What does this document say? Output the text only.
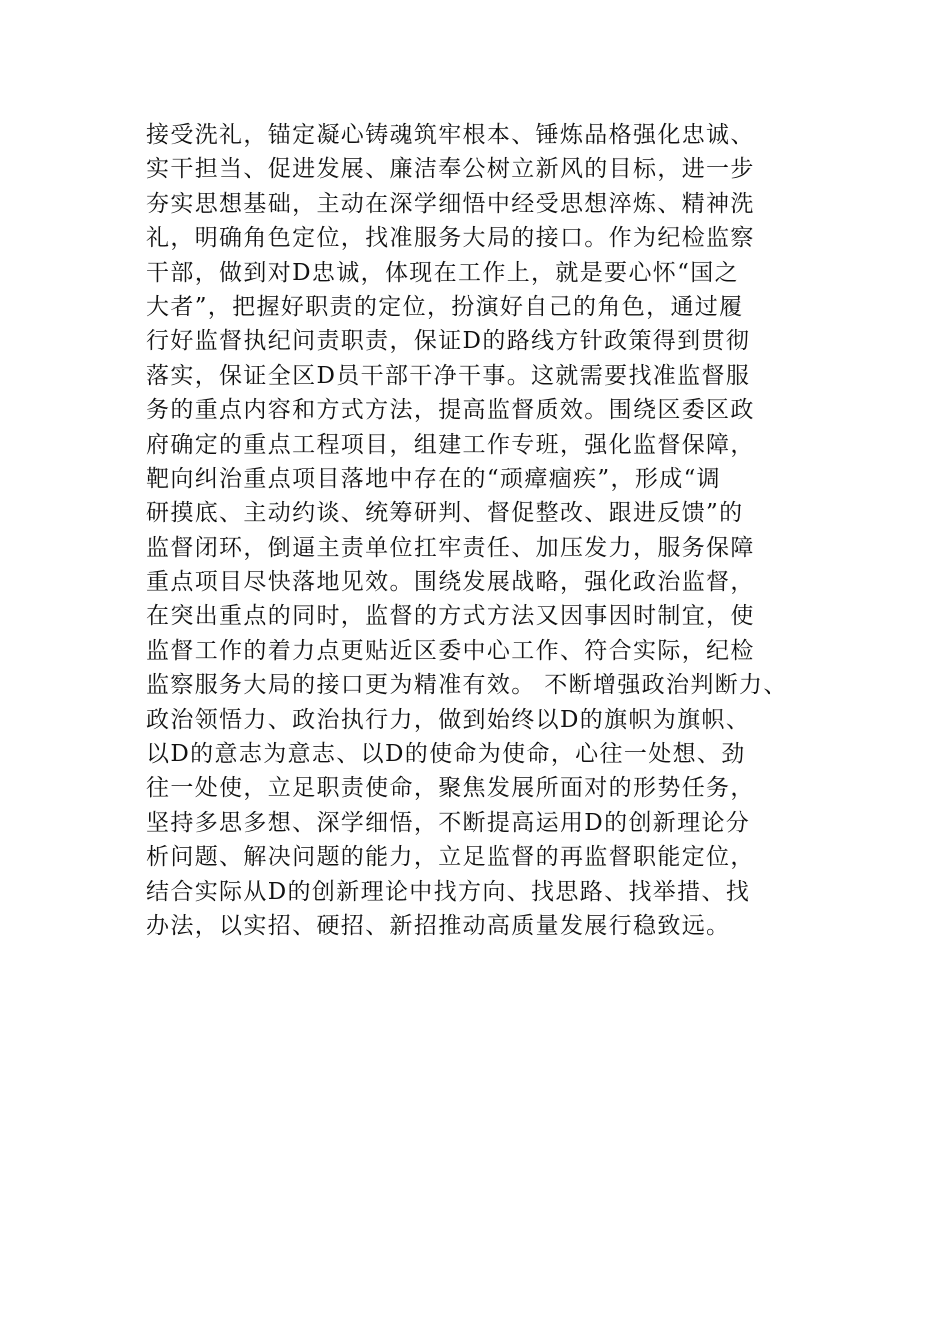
接受洗礼，锚定凝心铸魂筑牢根本、锤炼品格强化忠诚、
实干担当、促进发展、廉洁奉公树立新风的目标，进一步
夯实思想基础，主动在深学细悟中经受思想淬炼、精神洗
礼，明确角色定位，找准服务大局的接口。作为纪检监察
干部，做到对D忠诚，体现在工作上，就是要心怀“国之
大者”，把握好职责的定位，扮演好自己的角色，通过履
行好监督执纪问责职责，保证D的路线方针政策得到贯彻
落实，保证全区D员干部干净干事。这就需要找准监督服
务的重点内容和方式方法，提高监督质效。围绕区委区政
府确定的重点工程项目，组建工作专班，强化监督保障，
靶向纠治重点项目落地中存在的“顽瘴痼疾”，形成“调
研摸底、主动约谈、统筹研判、督促整改、跟进反馈”的
监督闭环，倒逼主责单位扛牢责任、加压发力，服务保障
重点项目尽快落地见效。围绕发展战略，强化政治监督，
在突出重点的同时，监督的方式方法又因事因时制宜，使
监督工作的着力点更贴近区委中心工作、符合实际，纪检
监察服务大局的接口更为精准有效。 不断增强政治判断力、
政治领悟力、政治执行力，做到始终以D的旗帜为旗帜、
以D的意志为意志、以D的使命为使命，心往一处想、劲
往一处使，立足职责使命，聚焦发展所面对的形势任务，
坚持多思多想、深学细悟，不断提高运用D的创新理论分
析问题、解决问题的能力，立足监督的再监督职能定位，
结合实际从D的创新理论中找方向、找思路、找举措、找
办法，以实招、硬招、新招推动高质量发展行稳致远。
